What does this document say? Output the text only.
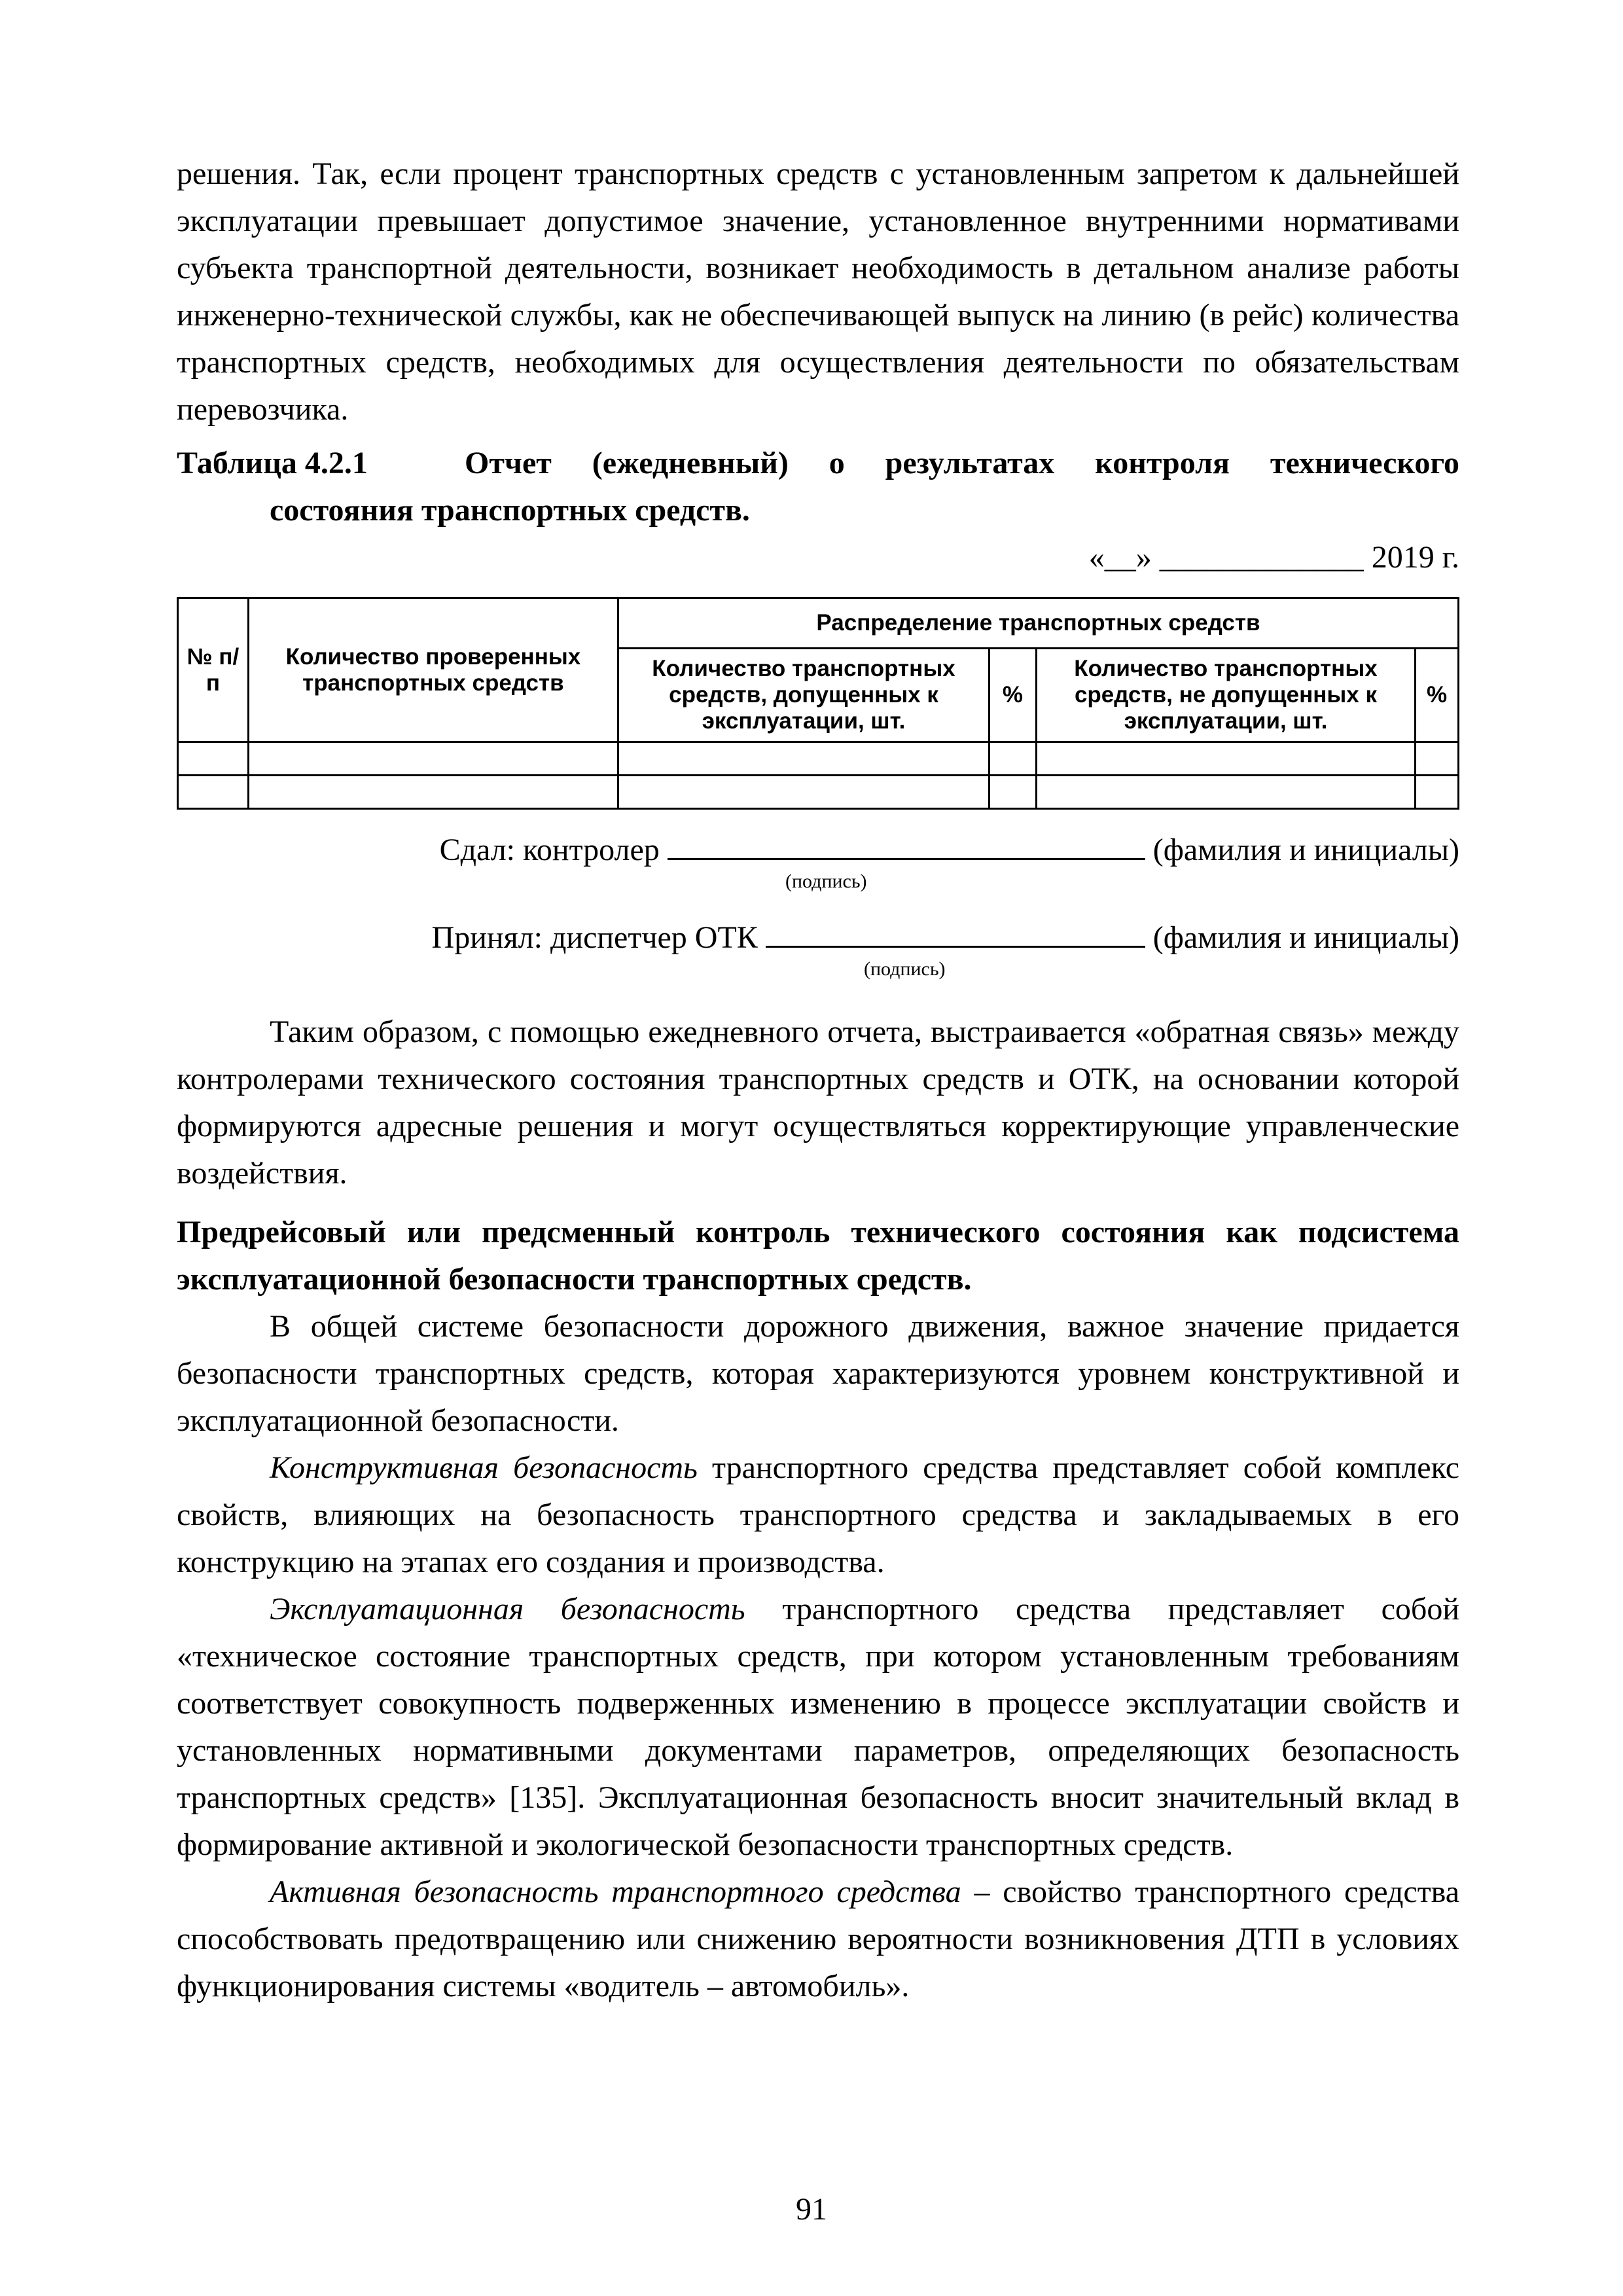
решения. Так, если процент транспортных средств с установленным запретом к дальнейшей эксплуатации превышает допустимое значение, установленное внутренними нормативами субъекта транспортной деятельности, возникает необходимость в детальном анализе работы инженерно-технической службы, как не обеспечивающей выпуск на линию (в рейс) количества транспортных средств, необходимых для осуществления деятельности по обязательствам перевозчика.

Таблица 4.2.1	Отчет (ежедневный) о результатах контроля технического
состояния транспортных средств.
«__» _____________ 2019 г.
№ п/п	Количество проверенных транспортных средств	Распределение транспортных средств			
		Количество транспортных средств, допущенных к эксплуатации, шт.	%	Количество транспортных средств, не допущенных к эксплуатации, шт.	%

Сдал: контролер	(фамилия и инициалы)
(подпись)
Принял: диспетчер ОТК	(фамилия и инициалы)
(подпись)

Таким образом, с помощью ежедневного отчета, выстраивается «обратная связь» между контролерами технического состояния транспортных средств и ОТК, на основании которой формируются адресные решения и могут осуществляться корректирующие управленческие воздействия.

Предрейсовый или предсменный контроль технического состояния как подсистема эксплуатационной безопасности транспортных средств.

В общей системе безопасности дорожного движения, важное значение придается безопасности транспортных средств, которая характеризуются уровнем конструктивной и эксплуатационной безопасности.

Конструктивная безопасность транспортного средства представляет собой комплекс свойств, влияющих на безопасность транспортного средства и закладываемых в его конструкцию на этапах его создания и производства.

Эксплуатационная безопасность транспортного средства представляет собой «техническое состояние транспортных средств, при котором установленным требованиям соответствует совокупность подверженных изменению в процессе эксплуатации свойств и установленных нормативными документами параметров, определяющих безопасность транспортных средств» [135]. Эксплуатационная безопасность вносит значительный вклад в формирование активной и экологической безопасности транспортных средств.

Активная безопасность транспортного средства – свойство транспортного средства способствовать предотвращению или снижению вероятности возникновения ДТП в условиях функционирования системы «водитель – автомобиль».

91
